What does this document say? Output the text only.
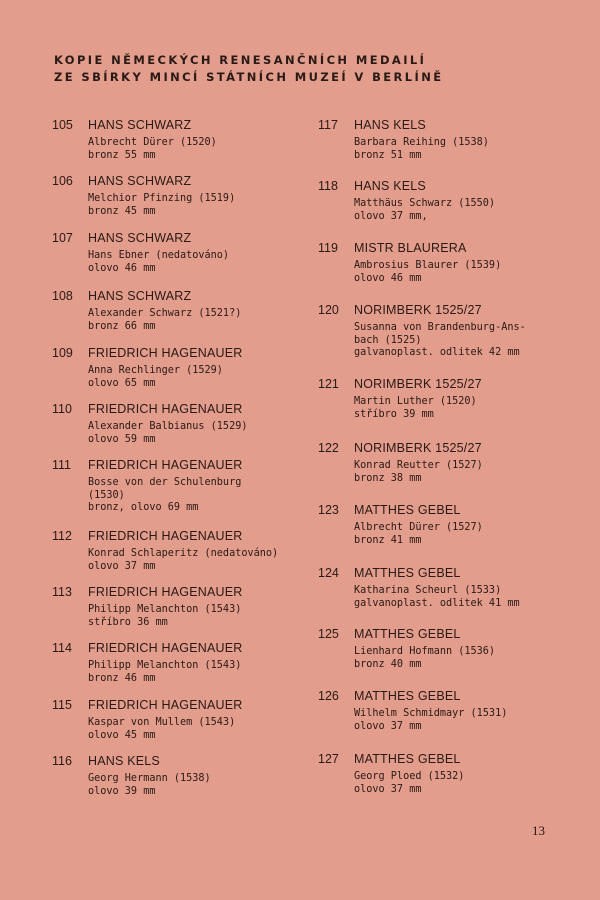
KOPIE NĚMECKÝCH RENESANČNÍCH MEDAILÍ
ZE SBÍRKY MINCÍ STÁTNÍCH MUZEÍ V BERLÍNĚ
105 HANS SCHWARZ
Albrecht Dürer (1520)
bronz 55 mm
106 HANS SCHWARZ
Melchior Pfinzing (1519)
bronz 45 mm
107 HANS SCHWARZ
Hans Ebner (nedatováno)
olovo 46 mm
108 HANS SCHWARZ
Alexander Schwarz (1521?)
bronz 66 mm
109 FRIEDRICH HAGENAUER
Anna Rechlinger (1529)
olovo 65 mm
110 FRIEDRICH HAGENAUER
Alexander Balbianus (1529)
olovo 59 mm
111 FRIEDRICH HAGENAUER
Bosse von der Schulenburg
(1530)
bronz, olovo 69 mm
112 FRIEDRICH HAGENAUER
Konrad Schlaperitz (nedatováno)
olovo 37 mm
113 FRIEDRICH HAGENAUER
Philipp Melanchton (1543)
stříbro 36 mm
114 FRIEDRICH HAGENAUER
Philipp Melanchton (1543)
bronz 46 mm
115 FRIEDRICH HAGENAUER
Kaspar von Mullem (1543)
olovo 45 mm
116 HANS KELS
Georg Hermann (1538)
olovo 39 mm
117 HANS KELS
Barbara Reihing (1538)
bronz 51 mm
118 HANS KELS
Matthäus Schwarz (1550)
olovo 37 mm,
119 MISTR BLAURERA
Ambrosius Blaurer (1539)
olovo 46 mm
120 NORIMBERK 1525/27
Susanna von Brandenburg-Ans-
bach (1525)
galvanoplast. odlitek 42 mm
121 NORIMBERK 1525/27
Martin Luther (1520)
stříbro 39 mm
122 NORIMBERK 1525/27
Konrad Reutter (1527)
bronz 38 mm
123 MATTHES GEBEL
Albrecht Dürer (1527)
bronz 41 mm
124 MATTHES GEBEL
Katharina Scheurl (1533)
galvanoplast. odlitek 41 mm
125 MATTHES GEBEL
Lienhard Hofmann (1536)
bronz 40 mm
126 MATTHES GEBEL
Wilhelm Schmidmayr (1531)
olovo 37 mm
127 MATTHES GEBEL
Georg Ploed (1532)
olovo 37 mm
13
